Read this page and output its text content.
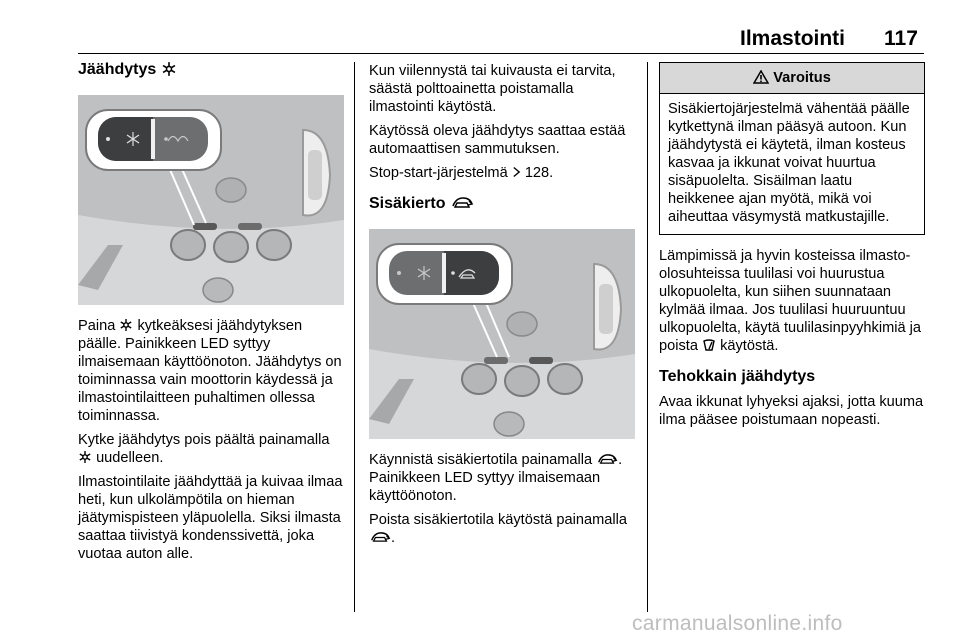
Ilmastointi 117
Jäähdytys

Paina kytkeäksesi jäähdytyksen päälle. Painikkeen LED syttyy ilmaisemaan käyttöönoton. Jäähdytys on toiminnassa vain moottorin käydessä ja ilmastointilaitteen puhaltimen ollessa toiminnassa.

Kytke jäähdytys pois päältä painamalla  uudelleen.

Ilmastointilaite jäähdyttää ja kuivaa ilmaa heti, kun ulkolämpötila on hieman jäätymispisteen yläpuolella. Siksi ilmasta saattaa tiivistyä kondenssivettä, joka vuotaa auton alle.

Kun viilennystä tai kuivausta ei tarvita, säästä polttoainetta poistamalla ilmastointi käytöstä.

Käytössä oleva jäähdytys saattaa estää automaattisen sammutuksen.

Stop-start-järjestelmä 128.

Sisäkierto

Käynnistä sisäkiertotila painamalla . Painikkeen LED syttyy ilmaisemaan käyttöönoton.

Poista sisäkiertotila käytöstä painamalla .

Varoitus
Sisäkiertojärjestelmä vähentää päälle kytkettynä ilman pääsyä autoon. Kun jäähdytystä ei käytetä, ilman kosteus kasvaa ja ikkunat voivat huurtua sisäpuolelta. Sisäilman laatu heikkenee ajan myötä, mikä voi aiheuttaa väsymystä matkustajille.

Lämpimissä ja hyvin kosteissa ilmasto-olosuhteissa tuulilasi voi huurustua ulkopuolelta, kun siihen suunnataan kylmää ilmaa. Jos tuulilasi huuruuntuu ulkopuolelta, käytä tuulilasinpyyhkimiä ja poista käytöstä.

Tehokkain jäähdytys

Avaa ikkunat lyhyeksi ajaksi, jotta kuuma ilma pääsee poistumaan nopeasti.

carmanualsonline.info
